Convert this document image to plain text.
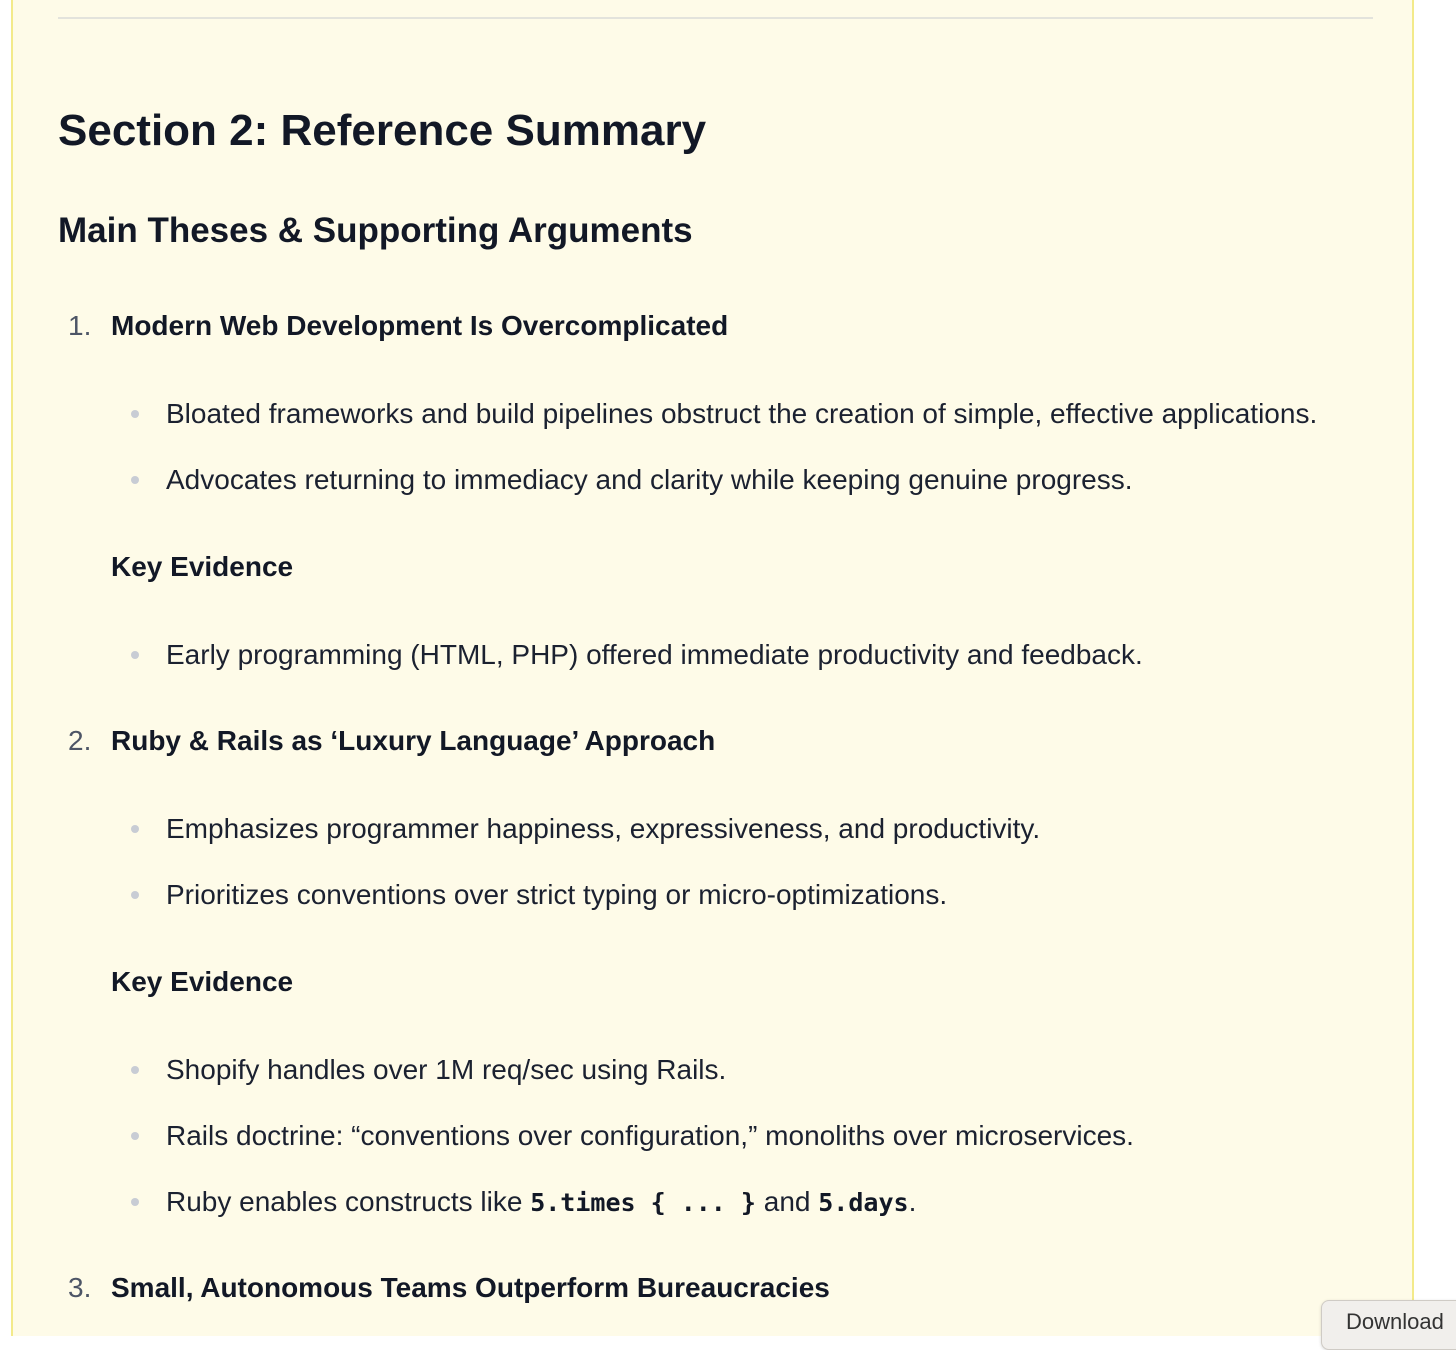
Section 2: Reference Summary
Main Theses & Supporting Arguments
1. Modern Web Development Is Overcomplicated
Bloated frameworks and build pipelines obstruct the creation of simple, effective applications.
Advocates returning to immediacy and clarity while keeping genuine progress.
Key Evidence
Early programming (HTML, PHP) offered immediate productivity and feedback.
2. Ruby & Rails as ‘Luxury Language’ Approach
Emphasizes programmer happiness, expressiveness, and productivity.
Prioritizes conventions over strict typing or micro-optimizations.
Key Evidence
Shopify handles over 1M req/sec using Rails.
Rails doctrine: “conventions over configuration,” monoliths over microservices.
Ruby enables constructs like 5.times { ... } and 5.days.
3. Small, Autonomous Teams Outperform Bureaucracies
Download
